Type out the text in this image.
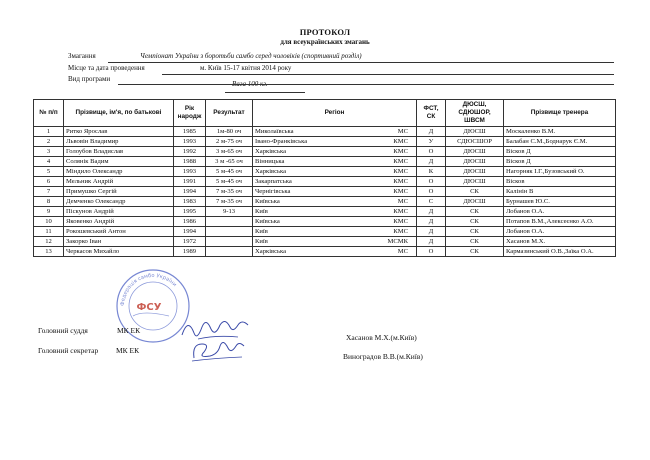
ПРОТОКОЛ
для всеукраїнських змагань
Змагання	Чемпіонат України з боротьби самбо серед чоловіків (спортивний розділ)
Місце та дата проведення	м. Київ 15-17 квітня 2014 року
Вид програми
Вага 100 кг.
№ п/п	Прізвище, ім'я, по батькові	Рік народж	Результат	Регіон	ФСТ, СК	ДЮСШ, СДЮШОР, ШВСМ	Прізвище тренера
1	Ритко Ярослав	1985	1м-80 оч	Миколаївська МС	Д	ДЮСШ	Москаленко В.М.
2	Львовін Владимир	1993	2 м-75 оч	Івано-Франківська КМС	У	СДЮСШОР	Балабан С.М.,Боднарук Є.М.
3	Голоубов Владислав	1992	3 м-65 оч	Харківська КМС	О	ДЮСШ	Вісков Д
4	Солянік Вадим	1988	3 м -65 оч	Вінницька КМС	Д	ДЮСШ	Вісков Д
5	Міндило Олександр	1993	5 м-45 оч	Харківська КМС	К	ДЮСШ	Нагорняк І.Г.,Бузовський О.
6	Мельник Андрій	1991	5 м-45 оч	Закарпатська КМС	О	ДЮСШ	Вісков
7	Примушко Сергій	1994	7 м-35 оч	Чернігівська КМС	О	СК	Калінін В
8	Демченко Олександр	1983	7 м-35 оч	Київська МС	С	ДЮСШ	Бурнашев Ю.С.
9	Піскунов Андрій	1995	9-13	Київ КМС	Д	СК	Лобанов О.А.
10	Яковенко Андрій	1986		Київська КМС	Д	СК	Потапов В.М.,Алексеєнко А.О.
11	Рокошевський Антон	1994		Київ КМС	Д	СК	Лобанов О.А.
12	Закорко Іван	1972		Київ МСМК	Д	СК	Хасанов М.Х.
13	Черкасов Михайло	1989		Харківська МС	О	СК	Кармазинський О.В.,Заїка О.А.
Федерація самбо України
ФСУ
Головний суддя	МК ЕК
Хасанов М.Х.(м.Київ)
Головний секретар МК ЕК
Виноградов В.В.(м.Київ)
